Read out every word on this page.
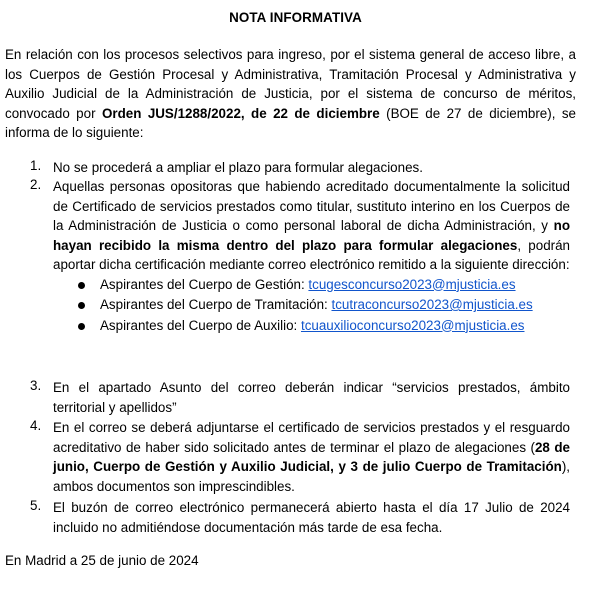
NOTA INFORMATIVA
En relación con los procesos selectivos para ingreso, por el sistema general de acceso libre, a los Cuerpos de Gestión Procesal y Administrativa, Tramitación Procesal y Administrativa y Auxilio Judicial de la Administración de Justicia, por el sistema de concurso de méritos, convocado por Orden JUS/1288/2022, de 22 de diciembre (BOE de 27 de diciembre), se informa de lo siguiente:
1. No se procederá a ampliar el plazo para formular alegaciones.
2. Aquellas personas opositoras que habiendo acreditado documentalmente la solicitud de Certificado de servicios prestados como titular, sustituto interino en los Cuerpos de la Administración de Justicia o como personal laboral de dicha Administración, y no hayan recibido la misma dentro del plazo para formular alegaciones, podrán aportar dicha certificación mediante correo electrónico remitido a la siguiente dirección:
Aspirantes del Cuerpo de Gestión: tcugesconcurso2023@mjusticia.es
Aspirantes del Cuerpo de Tramitación: tcutraconcurso2023@mjusticia.es
Aspirantes del Cuerpo de Auxilio: tcuauxilioconcurso2023@mjusticia.es
3. En el apartado Asunto del correo deberán indicar “servicios prestados, ámbito territorial y apellidos”
4. En el correo se deberá adjuntarse el certificado de servicios prestados y el resguardo acreditativo de haber sido solicitado antes de terminar el plazo de alegaciones (28 de junio, Cuerpo de Gestión y Auxilio Judicial, y 3 de julio Cuerpo de Tramitación), ambos documentos son imprescindibles.
5. El buzón de correo electrónico permanecerá abierto hasta el día 17 Julio de 2024 incluido no admitiéndose documentación más tarde de esa fecha.
En Madrid a 25 de junio de 2024
